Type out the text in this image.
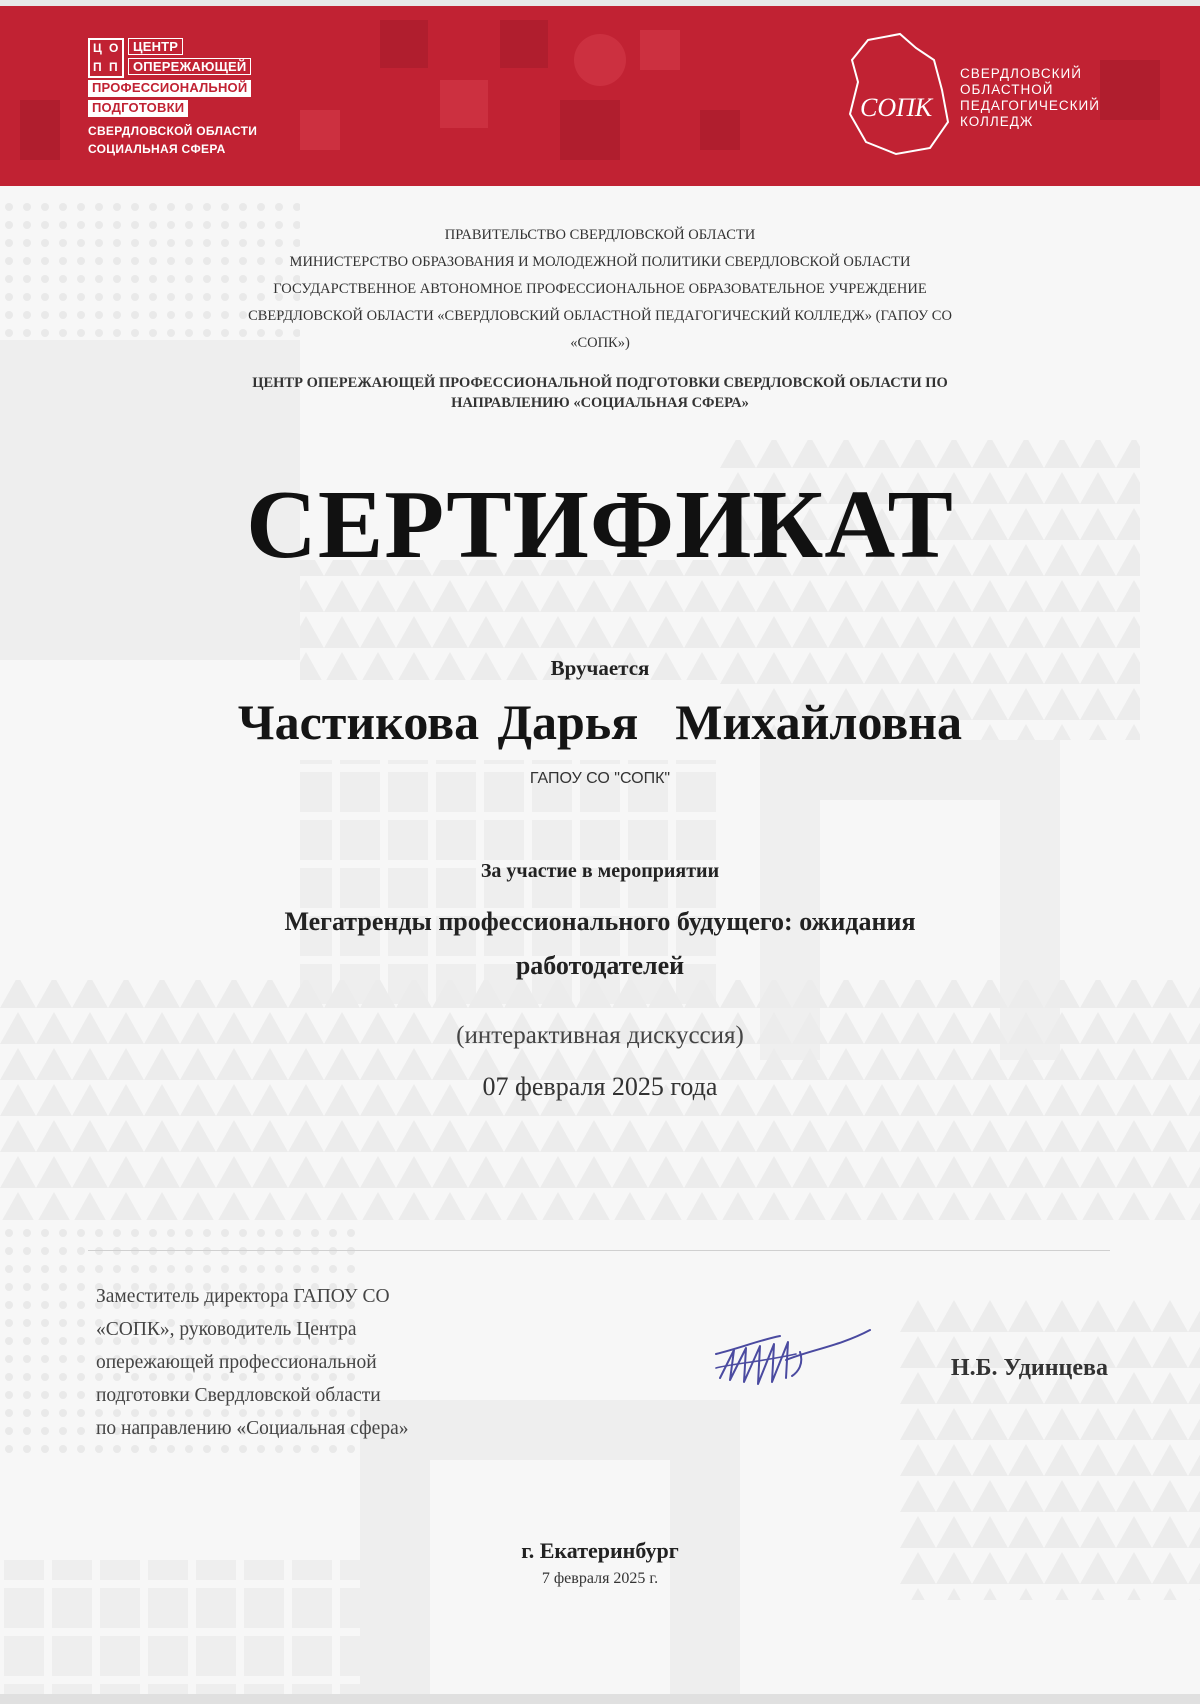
Ц О
П П
ЦЕНТР
ОПЕРЕЖАЮЩЕЙ
ПРОФЕССИОНАЛЬНОЙ
ПОДГОТОВКИ
СВЕРДЛОВСКОЙ ОБЛАСТИ
СОЦИАЛЬНАЯ СФЕРА
СОПК
СВЕРДЛОВСКИЙ
ОБЛАСТНОЙ
ПЕДАГОГИЧЕСКИЙ
КОЛЛЕДЖ
ПРАВИТЕЛЬСТВО СВЕРДЛОВСКОЙ ОБЛАСТИ
МИНИСТЕРСТВО ОБРАЗОВАНИЯ И МОЛОДЕЖНОЙ ПОЛИТИКИ СВЕРДЛОВСКОЙ ОБЛАСТИ
ГОСУДАРСТВЕННОЕ АВТОНОМНОЕ ПРОФЕССИОНАЛЬНОЕ ОБРАЗОВАТЕЛЬНОЕ УЧРЕЖДЕНИЕ
СВЕРДЛОВСКОЙ ОБЛАСТИ «СВЕРДЛОВСКИЙ ОБЛАСТНОЙ ПЕДАГОГИЧЕСКИЙ КОЛЛЕДЖ» (ГАПОУ СО
«СОПК»)
ЦЕНТР ОПЕРЕЖАЮЩЕЙ ПРОФЕССИОНАЛЬНОЙ ПОДГОТОВКИ СВЕРДЛОВСКОЙ ОБЛАСТИ ПО
НАПРАВЛЕНИЮ «СОЦИАЛЬНАЯ СФЕРА»
СЕРТИФИКАТ
Вручается
Частикова Дарья  Михайловна
ГАПОУ СО "СОПК"
За участие в мероприятии
Мегатренды профессионального будущего: ожидания
работодателей
(интерактивная дискуссия)
07 февраля 2025 года
Заместитель директора ГАПОУ СО
«СОПК», руководитель Центра
опережающей профессиональной
подготовки Свердловской области
по направлению «Социальная сфера»
Н.Б. Удинцева
г. Екатеринбург
7 февраля 2025 г.
